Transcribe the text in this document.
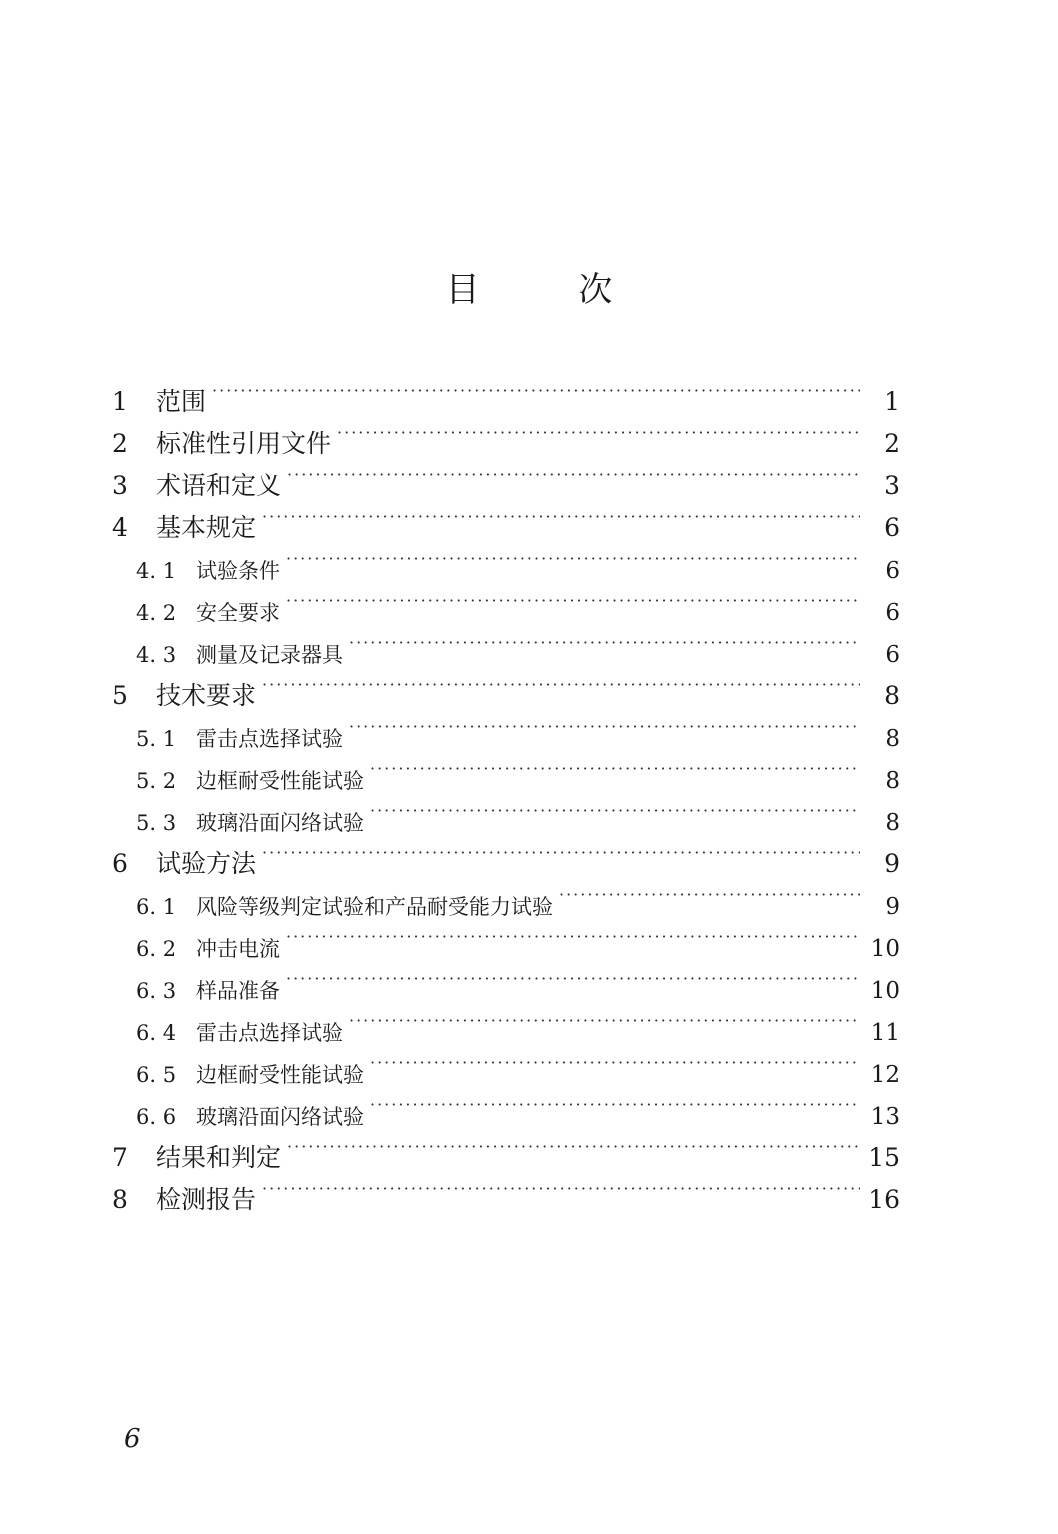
目	次
1	范围 ·····	1
2	标准性引用文件 ·····	2
3	术语和定义 ·····	3
4	基本规定 ·····	6
4. 1 试验条件 ·····	6
4. 2 安全要求 ·····	6
4. 3 测量及记录器具 ·····	6
5	技术要求 ·····	8
5. 1 雷击点选择试验 ·····	8
5. 2 边框耐受性能试验 ·····	8
5. 3 玻璃沿面闪络试验 ·····	8
6	试验方法 ·····	9
6. 1 风险等级判定试验和产品耐受能力试验 ·····	9
6. 2 冲击电流 ·····	10
6. 3 样品准备 ·····	10
6. 4 雷击点选择试验 ·····	11
6. 5 边框耐受性能试验 ·····	12
6. 6 玻璃沿面闪络试验 ·····	13
7	结果和判定 ·····	15
8	检测报告 ·····	16

6
